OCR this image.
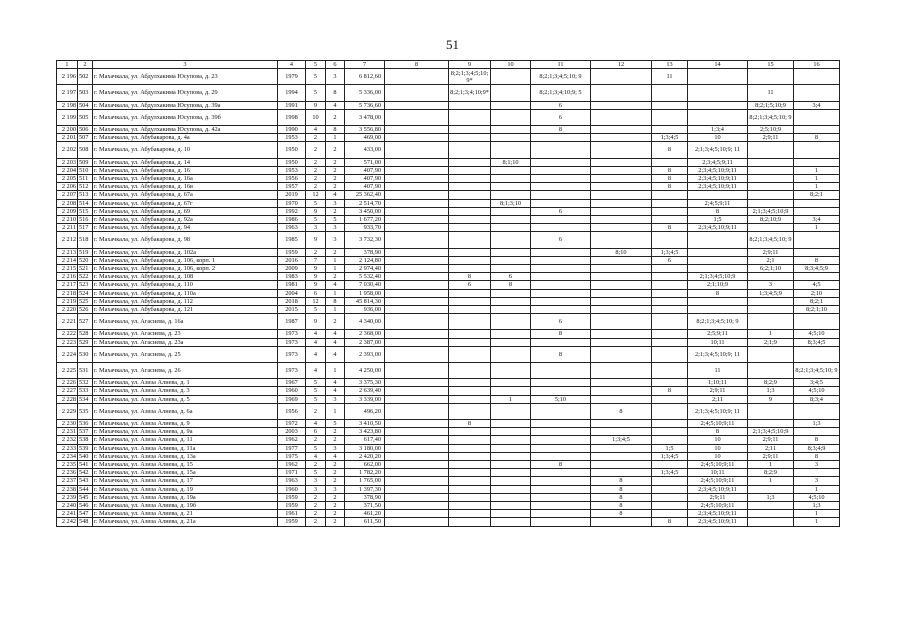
51
1	2	3	4	5	6	7	8	9	10	11	12	13	14	15	16
2 196	502	г. Махачкала, ул. Абдулхакима Юсупова, д. 23	1979	5	3	6 812,60		8;2;1;3;4;5;10; 9*		8;2;1;3;4;5;10; 9		11			
2 197	503	г. Махачкала, ул. Абдулхакима Юсупова, д. 29	1994	5	8	5 336,00		8;2;1;3;4;10;9*		8;2;1;3;4;10;9; 5				11	
2 198	504	г. Махачкала, ул. Абдулхакима Юсупова, д. 39а	1991	9	4	5 736,60				6				8;2;1;5;10;9	3;4
2 199	505	г. Махачкала, ул. Абдулхакима Юсупова, д. 39б	1998	10	2	3 478,00				6				8;2;1;3;4;5;10; 9	
2 200	506	г. Махачкала, ул. Абдулхакима Юсупова, д. 42а	1990	4	8	3 556,80				8			1;3;4	2;5;10;9	
2 201	507	г. Махачкала, ул. Абубакарова, д. 4а	1953	2	1	469,00						1;3;4;5	10	2;9;11	8
2 202	508	г. Махачкала, ул. Абубакарова, д. 10	1950	2	2	433,00						8	2;1;3;4;5;10;9; 11		
2 203	509	г. Махачкала, ул. Абубакарова, д. 14	1950	2	2	571,00			8;1;10				2;3;4;5;9;11		
2 204	510	г. Махачкала, ул. Абубакарова, д. 16	1953	2	2	407,90						8	2;3;4;5;10;9;11		1
2 205	511	г. Махачкала, ул. Абубакарова, д. 16а	1956	2	2	407,90						8	2;3;4;5;10;9;11		1
2 206	512	г. Махачкала, ул. Абубакарова, д. 16в	1957	2	2	407,90						8	2;3;4;5;10;9;11		1
2 207	513	г. Махачкала, ул. Абубакарова, д. 67а	2019	12	4	25 362,40									8;2;1
2 208	514	г. Махачкала, ул. Абубакарова, д. 67г	1970	5	3	2 514,70			8;1;3;10				2;4;5;9;11		
2 209	515	г. Махачкала, ул. Абубакарова, д. 69	1992	9	2	3 450,00				6			8	2;1;3;4;5;10;9	
2 210	516	г. Махачкала, ул. Абубакарова, д. 92а	1986	5	5	1 677,20							1;5	8;2;10;9	3;4
2 211	517	г. Махачкала, ул. Абубакарова, д. 94	1963	3	3	933,70						8	2;3;4;5;10;9;11		1
2 212	518	г. Махачкала, ул. Абубакарова, д. 98	1985	9	3	3 732,30				6				8;2;1;3;4;5;10; 9	
2 213	519	г. Махачкала, ул. Абубакарова, д. 102а	1959	2	2	378,90					8;10	1;3;4;5		2;9;11	
2 214	520	г. Махачкала, ул. Абубакарова, д. 106, корп. 1	2016	7	1	2 124,80						6		2;1	8
2 215	521	г. Махачкала, ул. Абубакарова, д. 106, корп. 2	2009	9	1	2 974,40								6;2;1;10	8;3;4;5;9
2 216	522	г. Махачкала, ул. Абубакарова, д. 108	1983	9	2	5 532,40		8	6				2;1;3;4;5;10;9		
2 217	523	г. Махачкала, ул. Абубакарова, д. 110	1981	9	4	7 030,40		6	8				2;1;10;9	3	4;5
2 218	524	г. Махачкала, ул. Абубакарова, д. 110а	2004	6	1	1 958,00							8	1;3;4;5;9	2;10
2 219	525	г. Махачкала, ул. Абубакарова, д. 112	2018	12	8	45 814,30									8;2;1
2 220	526	г. Махачкала, ул. Абубакарова, д. 121	2015	5	1	936,00									8;2;1;10
2 221	527	г. Махачкала, ул. Агасиева, д. 16а	1987	9	2	4 340,00				6			8;2;1;3;4;5;10; 9		
2 222	528	г. Махачкала, ул. Агасиева, д. 23	1973	4	4	2 368,00				8			2;5;9;11	1	4;5;10
2 223	529	г. Махачкала, ул. Агасиева, д. 23а	1973	4	4	2 387,00							10;11	2;1;9	8;3;4;5
2 224	530	г. Махачкала, ул. Агасиева, д. 25	1973	4	4	2 393,00				8			2;1;3;4;5;10;9; 11		
2 225	531	г. Махачкала, ул. Агасиева, д. 26	1973	4	1	4 250,00							11		8;2;1;3;4;5;10; 9
2 226	532	г. Махачкала, ул. Азиза Алиева, д. 1	1967	5	4	3 375,30							1;10;11	8;2;9	3;4;5
2 227	533	г. Махачкала, ул. Азиза Алиева, д. 3	1960	5	4	2 639,40						8	2;9;11	1;3	4;5;10
2 228	534	г. Махачкала, ул. Азиза Алиева, д. 5	1969	5	3	3 339,00			1	5;10			2;11	9	8;3;4
2 229	535	г. Махачкала, ул. Азиза Алиева, д. 6а	1956	2	1	496,20					8		2;1;3;4;5;10;9; 11		
2 230	536	г. Махачкала, ул. Азиза Алиева, д. 9	1972	4	5	3 410,50		8					2;4;5;10;9;11		1;3
2 231	537	г. Махачкала, ул. Азиза Алиева, д. 9а	2003	6	2	3 423,80							8	2;1;3;4;5;10;9	
2 232	538	г. Махачкала, ул. Азиза Алиева, д. 11	1962	2	2	617,40					1;3;4;5		10	2;9;11	8
2 233	539	г. Махачкала, ул. Азиза Алиева, д. 11а	1977	5	3	3 180,00						1;5	10	2;11	8;3;4;9
2 234	540	г. Махачкала, ул. Азиза Алиева, д. 13а	1975	4	4	2 420,20						1;3;4;5	10	2;9;11	8
2 235	541	г. Махачкала, ул. Азиза Алиева, д. 15	1962	2	2	662,00				8			2;4;5;10;9;11	1	3
2 236	542	г. Махачкала, ул. Азиза Алиева, д. 15а	1971	5	2	1 782,20						1;3;4;5	10;11	8;2;9	
2 237	543	г. Махачкала, ул. Азиза Алиева, д. 17	1963	3	2	1 765,00					8		2;4;5;10;9;11	1	3
2 238	544	г. Махачкала, ул. Азиза Алиева, д. 19	1960	3	3	1 397,30					8		2;3;4;5;10;9;11		1
2 239	545	г. Махачкала, ул. Азиза Алиева, д. 19а	1959	2	2	378,90					8		2;9;11	1;3	4;5;10
2 240	546	г. Махачкала, ул. Азиза Алиева, д. 19б	1959	2	2	371,50					8		2;4;5;10;9;11		1;3
2 241	547	г. Махачкала, ул. Азиза Алиева, д. 21	1961	2	2	461,20					8		2;3;4;5;10;9;11		1
2 242	548	г. Махачкала, ул. Азиза Алиева, д. 21а	1959	2	2	611,50						8	2;3;4;5;10;9;11		1
